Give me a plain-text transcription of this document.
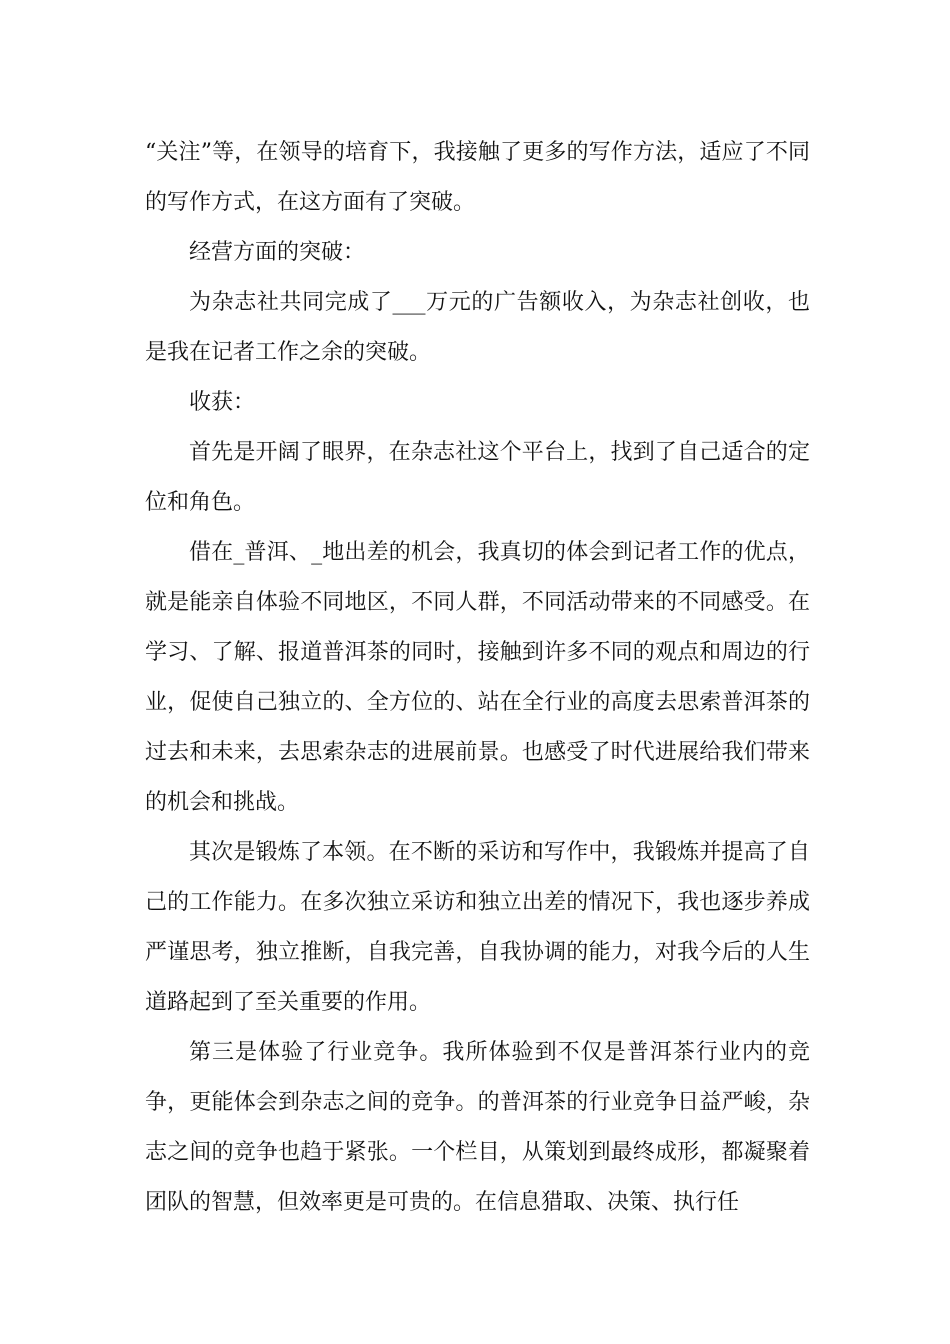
“关注”等，在领导的培育下，我接触了更多的写作方法，适应了不同的写作方式，在这方面有了突破。

经营方面的突破：

为杂志社共同完成了___万元的广告额收入，为杂志社创收，也是我在记者工作之余的突破。

收获：

首先是开阔了眼界，在杂志社这个平台上，找到了自己适合的定位和角色。

借在_普洱、_地出差的机会，我真切的体会到记者工作的优点，就是能亲自体验不同地区，不同人群，不同活动带来的不同感受。在学习、了解、报道普洱茶的同时，接触到许多不同的观点和周边的行业，促使自己独立的、全方位的、站在全行业的高度去思索普洱茶的过去和未来，去思索杂志的进展前景。也感受了时代进展给我们带来的机会和挑战。

其次是锻炼了本领。在不断的采访和写作中，我锻炼并提高了自己的工作能力。在多次独立采访和独立出差的情况下，我也逐步养成严谨思考，独立推断，自我完善，自我协调的能力，对我今后的人生道路起到了至关重要的作用。

第三是体验了行业竞争。我所体验到不仅是普洱茶行业内的竞争，更能体会到杂志之间的竞争。的普洱茶的行业竞争日益严峻，杂志之间的竞争也趋于紧张。一个栏目，从策划到最终成形，都凝聚着团队的智慧，但效率更是可贵的。在信息猎取、决策、执行任
